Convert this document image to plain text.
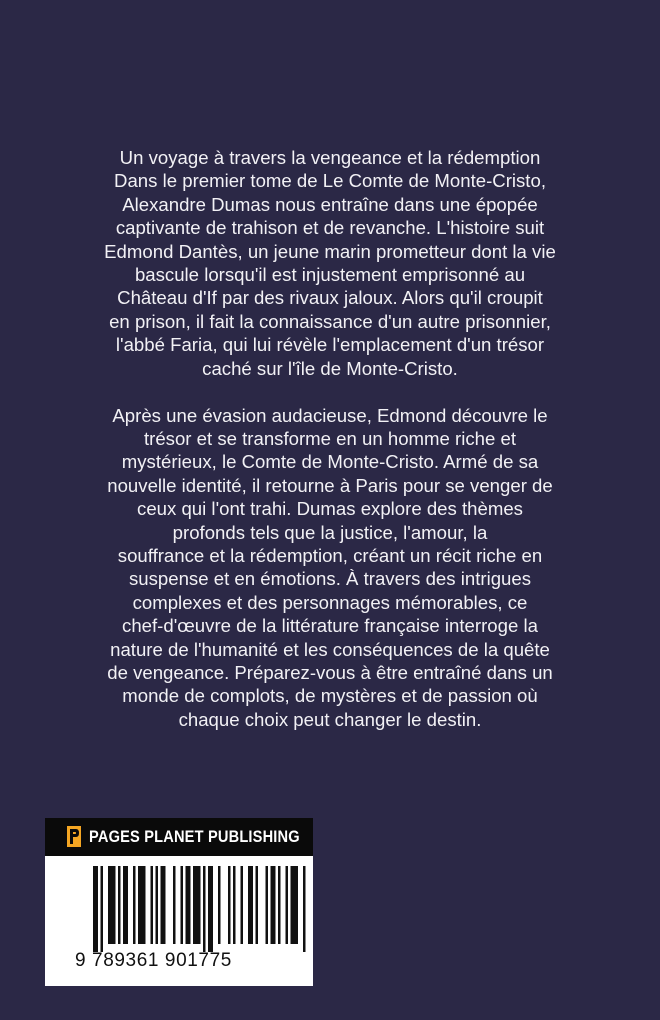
Un voyage à travers la vengeance et la rédemption
Dans le premier tome de Le Comte de Monte-Cristo,
Alexandre Dumas nous entraîne dans une épopée
captivante de trahison et de revanche. L'histoire suit
Edmond Dantès, un jeune marin prometteur dont la vie
bascule lorsqu'il est injustement emprisonné au
Château d'If par des rivaux jaloux. Alors qu'il croupit
en prison, il fait la connaissance d'un autre prisonnier,
l'abbé Faria, qui lui révèle l'emplacement d'un trésor
caché sur l'île de Monte-Cristo.

Après une évasion audacieuse, Edmond découvre le
trésor et se transforme en un homme riche et
mystérieux, le Comte de Monte-Cristo. Armé de sa
nouvelle identité, il retourne à Paris pour se venger de
ceux qui l'ont trahi. Dumas explore des thèmes
profonds tels que la justice, l'amour, la
souffrance et la rédemption, créant un récit riche en
suspense et en émotions. À travers des intrigues
complexes et des personnages mémorables, ce
chef-d'œuvre de la littérature française interroge la
nature de l'humanité et les conséquences de la quête
de vengeance. Préparez-vous à être entraîné dans un
monde de complots, de mystères et de passion où
chaque choix peut changer le destin.

PAGES PLANET PUBLISHING
9 789361 901775
